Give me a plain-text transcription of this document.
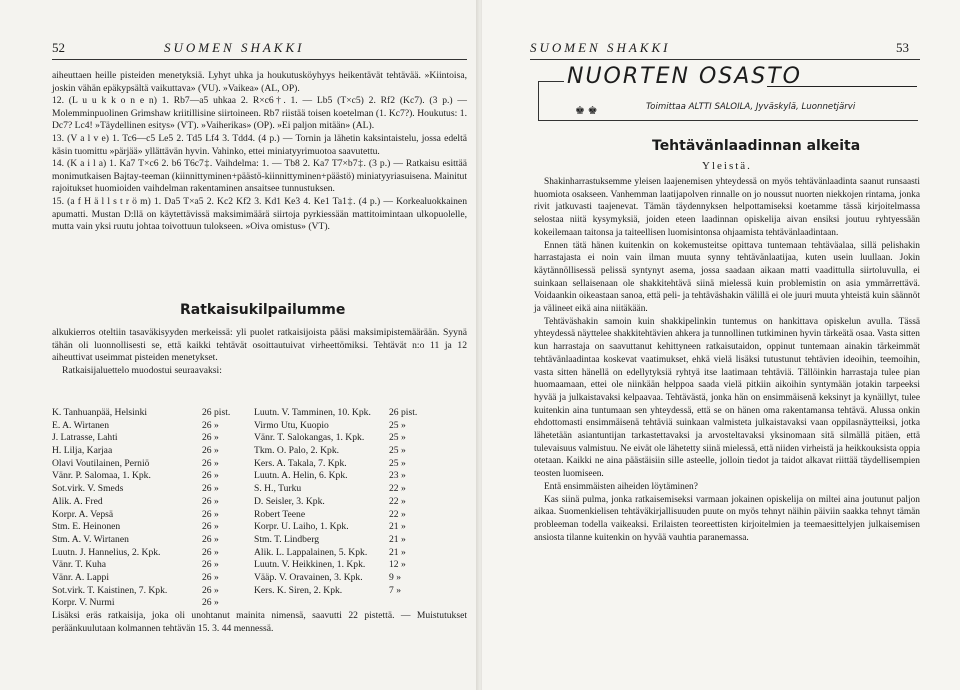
52	SUOMEN SHAKKI

aiheuttaen heille pisteiden menetyksiä. Lyhyt uhka ja houkutusköyhyys heikentävät tehtävää. »Kiintoisa, joskin vähän epäkypsältä vaikuttava» (VU). »Vaikea» (AL, OP).

12. (L u u k k o n e n) 1. Rb7—a5 uhkaa 2. R×c6†. 1. — Lb5 (T×c5) 2. Rf2 (Kc7). (3 p.) — Molemminpuolinen Grimshaw kriitillisine siirtoineen. Rb7 riistää toisen koetelman (1. Kc7?). Houkutus: 1. Dc7? Lc4! »Täydellinen esitys» (VT). »Vaiherikas» (OP). »Ei paljon mitään» (AL).

13. (V a l v e) 1. Tc6—c5 Le5 2. Td5 Lf4 3. Tdd4. (4 p.) — Tornin ja lähetin kaksintaistelu, jossa edeltä käsin tuomittu »pärjää» yllättävän hyvin. Vahinko, ettei miniatyyrimuotoa saavutettu.

14. (K a i l a) 1. Ka7 T×c6 2. b6 T6c7‡. Vaihdelma: 1. — Tb8 2. Ka7 T7×b7‡. (3 p.) — Ratkaisu esittää monimutkaisen Bajtay-teeman (kiinnittyminen+päästö-kiinnittyminen+päästö) miniatyyriasuisena. Mainitut rajoitukset huomioiden vaihdelman rakentaminen ansaitsee tunnustuksen.

15. (a f H ä l l s t r ö m) 1. Da5 T×a5 2. Kc2 Kf2 3. Kd1 Ke3 4. Ke1 Ta1‡. (4 p.) — Korkealuokkainen apumatti. Mustan D:llä on käytettävissä maksimimäärä siirtoja pyrkiessään mattitoimintaan ulkopuolelle, mutta vain yksi ruutu johtaa toivottuun tulokseen. »Oiva omistus» (VT).

Ratkaisukilpailumme

alkukierros oteltiin tasaväkisyyden merkeissä: yli puolet ratkaisijoista pääsi maksimipistemäärään. Syynä tähän oli luonnollisesti se, että kaikki tehtävät osoittautuivat virheettömiksi. Tehtävät n:o 11 ja 12 aiheuttivat useimmat pisteiden menetykset.

Ratkaisijaluettelo muodostui seuraavaksi:

K. Tanhuanpää, Helsinki	26 pist. Luutn. V. Tamminen, 10. Kpk. 26 pist.
E. A. Wirtanen	26 »	Virmo Utu, Kuopio	25 »
J. Latrasse, Lahti	26 »	Vänr. T. Salokangas, 1. Kpk.	25 »
H. Lilja, Karjaa	26 »	Tkm. O. Palo, 2. Kpk.	25 »
Olavi Voutilainen, Perniö	26 »	Kers. A. Takala, 7. Kpk.	25 »
Vänr. P. Salomaa, 1. Kpk.	26 »	Luutn. A. Helin, 6. Kpk.	23 »
Sot.virk. V. Smeds	26 »	S. H., Turku	22 »
Alik. A. Fred	26 »	D. Seisler, 3. Kpk.	22 »
Korpr. A. Vepsä	26 »	Robert Teene	22 »
Stm. E. Heinonen	26 »	Korpr. U. Laiho, 1. Kpk.	21 »
Stm. A. V. Wirtanen	26 »	Stm. T. Lindberg	21 »
Luutn. J. Hannelius, 2. Kpk.	26 »	Alik. L. Lappalainen, 5. Kpk. 21 »
Vänr. T. Kuha	26 »	Luutn. V. Heikkinen, 1. Kpk. 12 »
Vänr. A. Lappi	26 »	Vääp. V. Oravainen, 3. Kpk.	9 »
Sot.virk. T. Kaistinen, 7. Kpk.	26 »	Kers. K. Siren, 2. Kpk.	7 »
Korpr. V. Nurmi	26 »
Lisäksi eräs ratkaisija, joka oli unohtanut mainita nimensä, saavutti 22 pistettä. — Muistutukset peräänkuulutaan kolmannen tehtävän 15. 3. 44 mennessä.
SUOMEN SHAKKI	53
NUORTEN OSASTO
♚ ♚	Toimittaa ALTTI SALOILA, Jyväskylä, Luonnetjärvi
Tehtävänlaadinnan alkeita
Yleistä.

Shakinharrastuksemme yleisen laajenemisen yhteydessä on myös tehtävänlaadinta saanut runsaasti huomiota osakseen. Vanhemman laatijapolven rinnalle on jo noussut nuorten niekkojen rintama, jonka rivit jatkuvasti taajenevat. Tämän täydennyksen helpottamiseksi koetamme tässä kirjoitelmassa selostaa niitä kysymyksiä, joiden eteen laadinnan opiskelija aivan ensiksi joutuu ryhtyessään kokeilemaan taitonsa ja taiteellisen luomisintonsa ohjaamista tehtävänlaadintaan.

Ennen tätä hänen kuitenkin on kokemusteitse opittava tuntemaan tehtäväalaa, sillä pelishakin harrastajasta ei noin vain ilman muuta synny tehtävänlaatijaa, kuten usein luullaan. Jokin käytännöllisessä pelissä syntynyt asema, jossa saadaan aikaan matti vaadittulla siirtoluvulla, ei suinkaan sellaisenaan ole shakkitehtävä siinä mielessä kuin problemistin on asia ymmärrettävä. Voidaankin oikeastaan sanoa, että peli- ja tehtäväshakin välillä ei ole juuri muuta yhteistä kuin säännöt ja välineet eikä aina niitäkään.

Tehtäväshakin samoin kuin shakkipelinkin tuntemus on hankittava opiskelun avulla. Tässä yhteydessä näyttelee shakkitehtävien ahkera ja tunnollinen tutkiminen hyvin tärkeätä osaa. Vasta sitten kun harrastaja on saavuttanut kehittyneen ratkaisutaidon, oppinut tuntemaan ainakin tärkeimmät tehtävänlaadintaa koskevat vaatimukset, ehkä vielä lisäksi tutustunut tehtävien ideoihin, teemoihin, vasta sitten hänellä on edellytyksiä ryhtyä itse laatimaan tehtäviä. Tällöinkin harrastaja tulee pian huomaamaan, ettei ole niinkään helppoa saada vielä pitkiin aikoihin syntymään jotakin tarpeeksi hyvää ja julkaistavaksi kelpaavaa. Tehtävästä, jonka hän on ensimmäisenä keksinyt ja kynäillyt, tulee kuitenkin aina tuntumaan sen yhteydessä, että se on hänen oma rakentamansa tehtävä. Alussa onkin ehdottomasti ensimmäisenä tehtäviä suinkaan valmisteta julkaistavaksi vaan oppilasnäytteiksi, jotka lähetetään asiantuntijan tarkastettavaksi ja arvosteltavaksi yksinomaan sitä silmällä pitäen, että tulevaisuus valmistuu. Ne eivät ole lähetetty siinä mielessä, että niiden virheistä ja heikkouksista oppia otetaan. Kaikki ne aina päästäisiin sille asteelle, jolloin tiedot ja taidot alkavat riittää täydellisempien teosten luomiseen.

Entä ensimmäisten aiheiden löytäminen?

Kas siinä pulma, jonka ratkaisemiseksi varmaan jokainen opiskelija on miltei aina joutunut paljon aikaa. Suomenkielisen tehtäväkirjallisuuden puute on myös tehnyt näihin päiviin saakka tehnyt tämän probleeman todella vaikeaksi. Erilaisten teoreettisten kirjoitelmien ja teemaesittelyjen julkaisemisen ansiosta tilanne kuitenkin on hyvää vauhtia paranemassa.
